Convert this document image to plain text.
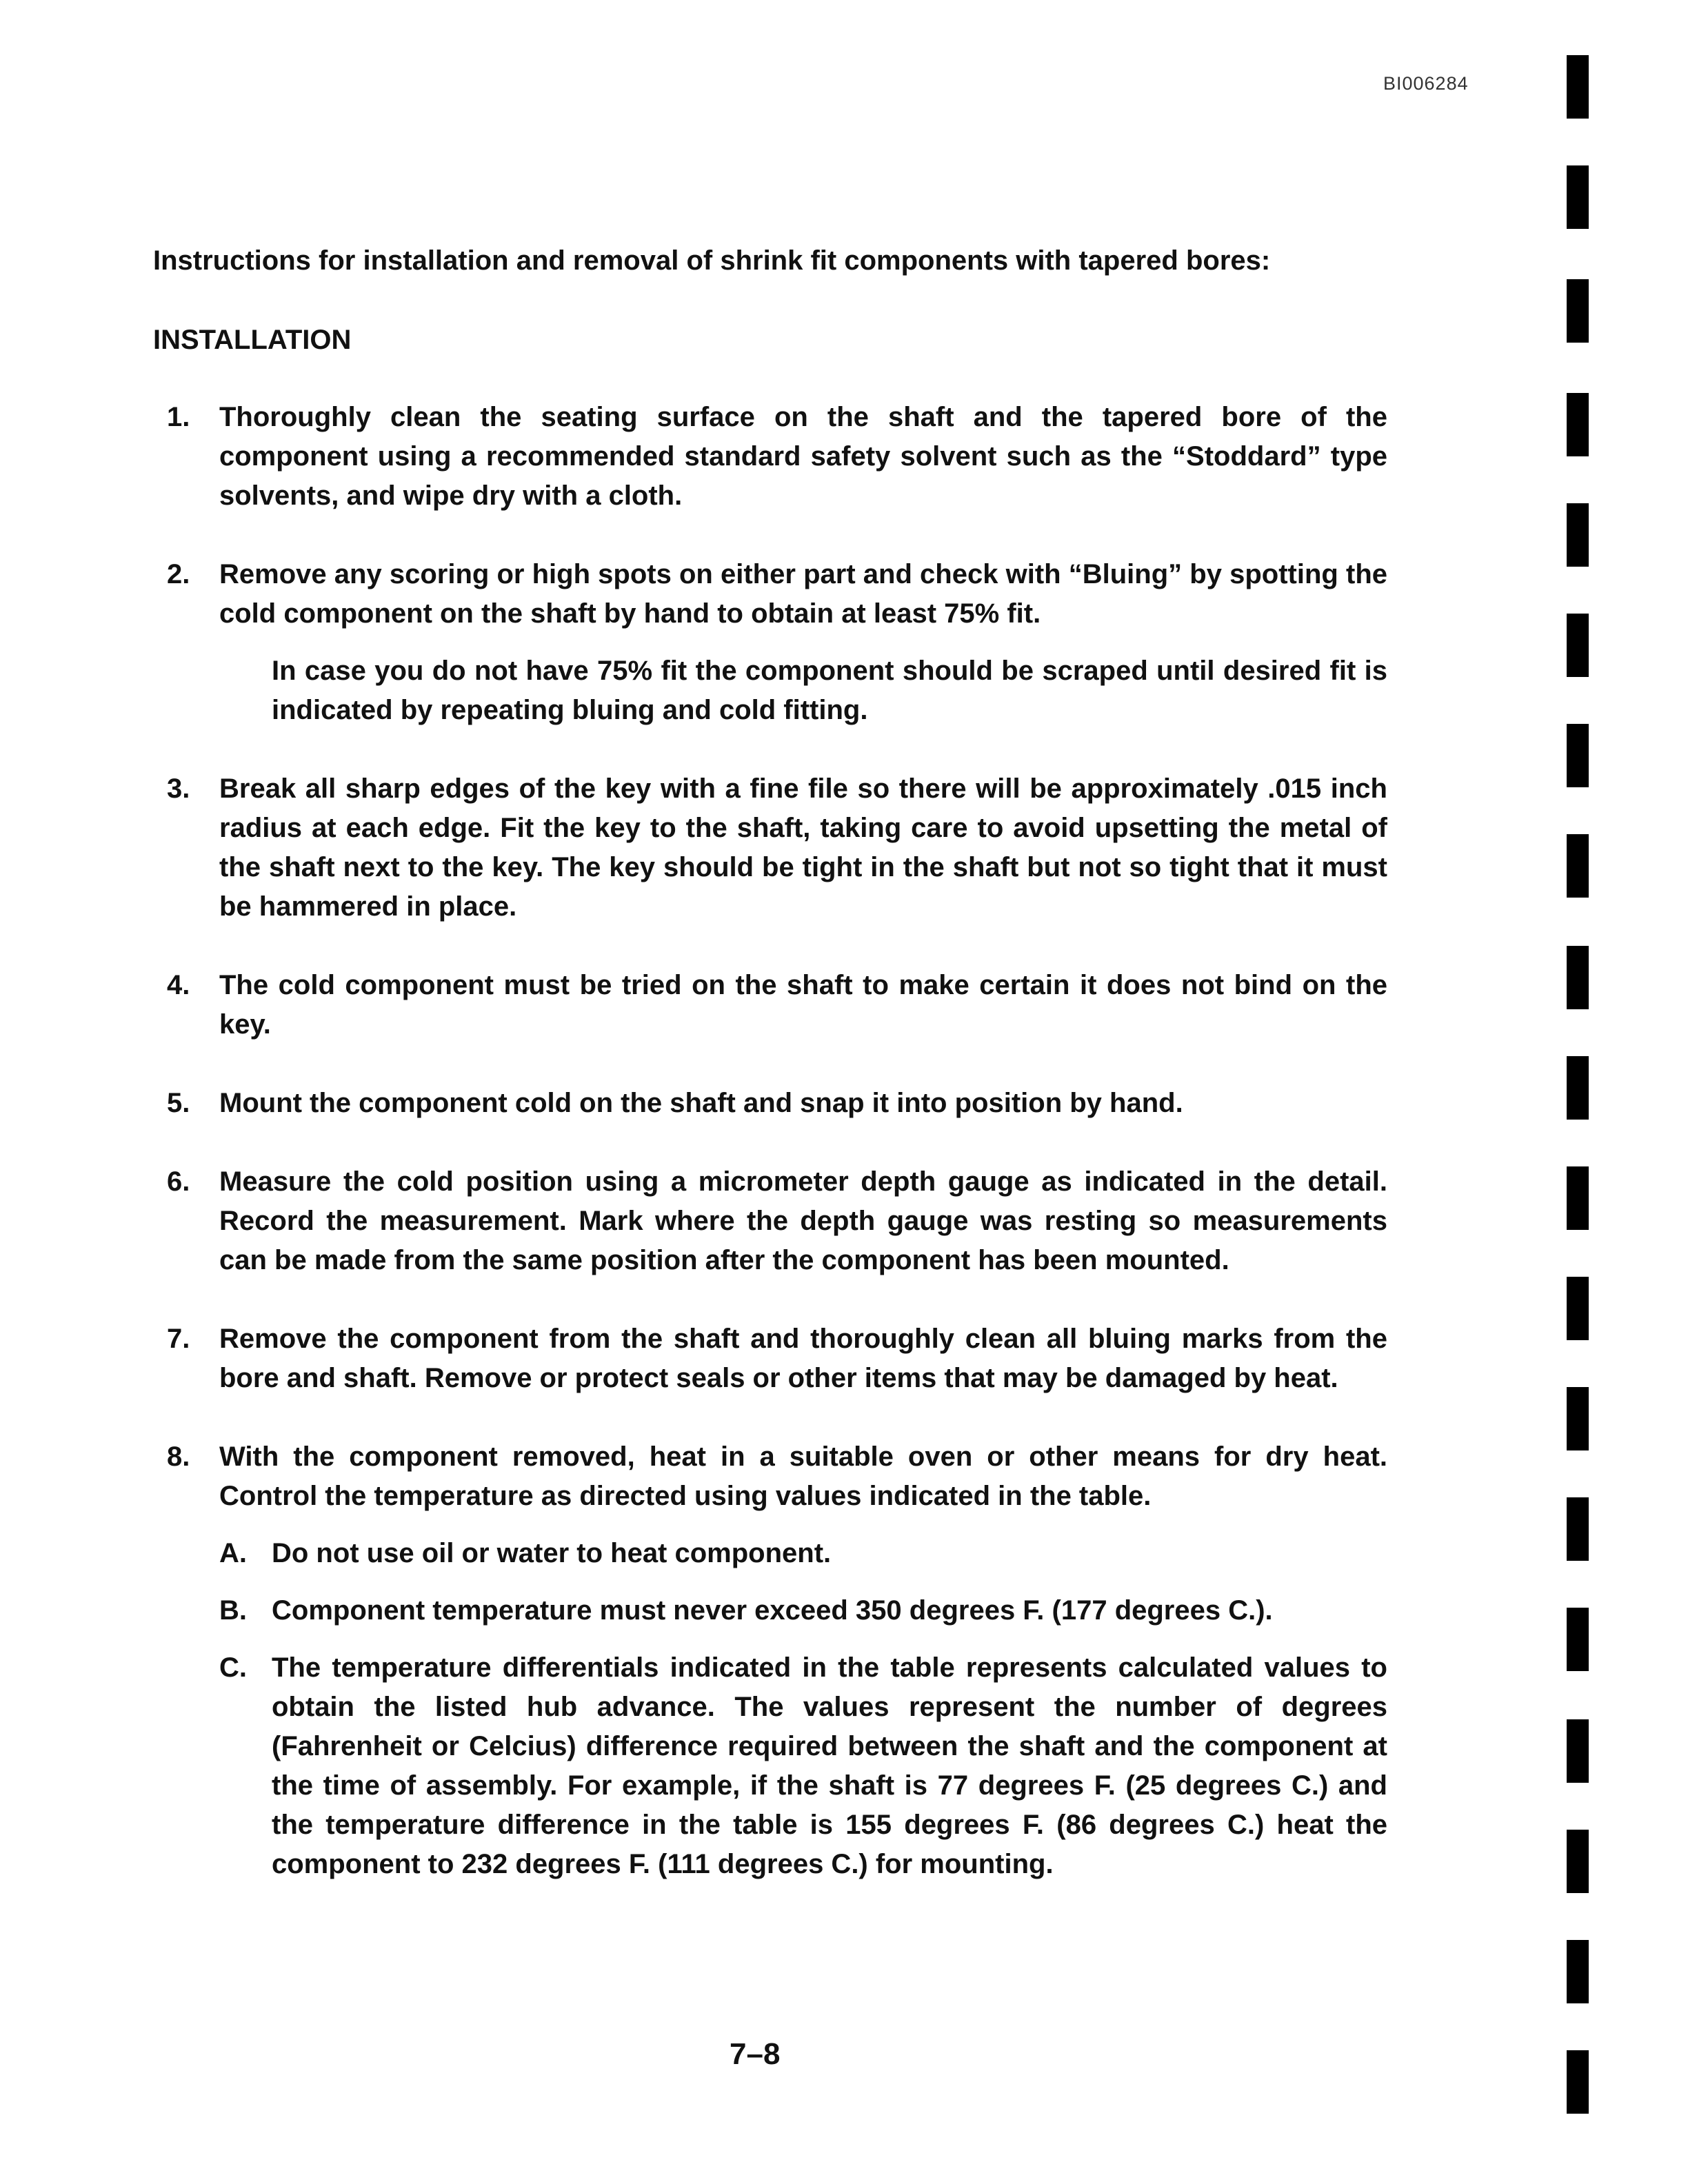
BI006284
Instructions for installation and removal of shrink fit components with tapered bores:
INSTALLATION
1. Thoroughly clean the seating surface on the shaft and the tapered bore of the component using a recommended standard safety solvent such as the “Stoddard” type solvents, and wipe dry with a cloth.
2. Remove any scoring or high spots on either part and check with “Bluing” by spotting the cold component on the shaft by hand to obtain at least 75% fit.
In case you do not have 75% fit the component should be scraped until desired fit is indicated by repeating bluing and cold fitting.
3. Break all sharp edges of the key with a fine file so there will be approximately .015 inch radius at each edge. Fit the key to the shaft, taking care to avoid upsetting the metal of the shaft next to the key. The key should be tight in the shaft but not so tight that it must be hammered in place.
4. The cold component must be tried on the shaft to make certain it does not bind on the key.
5. Mount the component cold on the shaft and snap it into position by hand.
6. Measure the cold position using a micrometer depth gauge as indicated in the detail. Record the measurement. Mark where the depth gauge was resting so measurements can be made from the same position after the component has been mounted.
7. Remove the component from the shaft and thoroughly clean all bluing marks from the bore and shaft. Remove or protect seals or other items that may be damaged by heat.
8. With the component removed, heat in a suitable oven or other means for dry heat. Control the temperature as directed using values indicated in the table.
A. Do not use oil or water to heat component.
B. Component temperature must never exceed 350 degrees F. (177 degrees C.).
C. The temperature differentials indicated in the table represents calculated values to obtain the listed hub advance. The values represent the number of degrees (Fahrenheit or Celcius) difference required between the shaft and the component at the time of assembly. For example, if the shaft is 77 degrees F. (25 degrees C.) and the temperature difference in the table is 155 degrees F. (86 degrees C.) heat the component to 232 degrees F. (111 degrees C.) for mounting.
7–8
